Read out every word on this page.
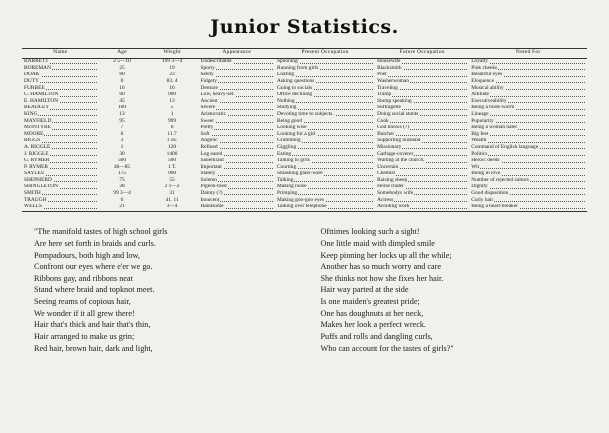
Junior Statistics.
Name	Age	Weight	Appearance	Present Occupation	Future Occupation	Noted For

BARRETT	2 5—10	199 3—4	Undescribable	Spooning	Housewife	Loyalty

BOREMAN	25	19	Sporty	Running from girls	Blacksmith	Pink cheeks

DOAK	80	23	Seedy	Loafing	Poet	Beautiful eyes

DUTY	0	83. 4	Fidgety	Asking questions	Washerwoman	Eloquence

FURBEE	16	16	Demure	Going to socials	Traveling	Musical ability

C. HAMILTON	60	900	Low, heavy-set.	Office declining	Tramp	Altitude

E. HAMILTON	45	13	Ancient	Nothing	Stump speaking	Executiveability

BEADLEY	100	5	Severe	Studying	Suffragette	Being a book-worm

KING	13	1	Aristocratic	Devoting time to subjects.	Doing social stunts	Lineage

MAYFIELD	95	999	Sweet	Being good	Cook	Popularity

McINTYRE	7	0	Pretty	Looking wise	God knows (?)	Being a woman hater

MOORE	6	11.7	Soft	Looking for a girl	Butcher	Big feet

RIGGS	3	1 oz.	Angelic	Grumbling	Supporting husband	Wealth

A. RIGGLE	1	120	Refined	Giggling	Missionary	Command of English language

J. RIGGLE	30	1400	Log eared	Eating	Garbage-coverer	Politics

G. RYMER	500	500	Sauerkraut	Talking to girls	Waiting at the church.	Heroic deeds

P. RYMER	46—85	1 T.	Important	Courting	Uncertain	Wit

SAYLES	175	900	Stately	Smashing glass-ware	Chemist	Being in love

SHEPHERD	75	55	Solemn	Talking	Raising sheep	Number of rejected suitors

SHINGLETON	28	2 1—2	Pigeon-toed	Making noise	Horse trader	Dignity

SMITH	99 3—4	31	Dainty (?)	Primping	Somebodys wife	Good disposition

TRAUGH	6	41. 11	Innocent	Making goo-goo eyes	Actress	Curly hair

WELLS	21	3—4	Handsome	Talking over telephone	Avoiding work	Being a heart-breaker

"The manifold tastes of high school girls

Are here set forth in braids and curls.

Pompadours, both high and low,

Confront our eyes where e'er we go.

Ribbons gay, and ribbons neat

Stand where braid and topknot meet.

Seeing reams of copious hair,

We wonder if it all grew there!

Hair that's thick and hair that's thin,

Hair arranged to make us grin;

Red hair, brown hair, dark and light,

Ofttimes looking such a sight!

One little maid with dimpled smile

Keep pinning her locks up all the while;

Another has so much worry and care

She thinks not how she fixes her hair.

Hair way parted at the side

Is one maiden's greatest pride;

One has doughnuts at her neck,

Makes her look a perfect wreck.

Puffs and rolls and dangling curls,

Who can account for the tastes of girls?"
